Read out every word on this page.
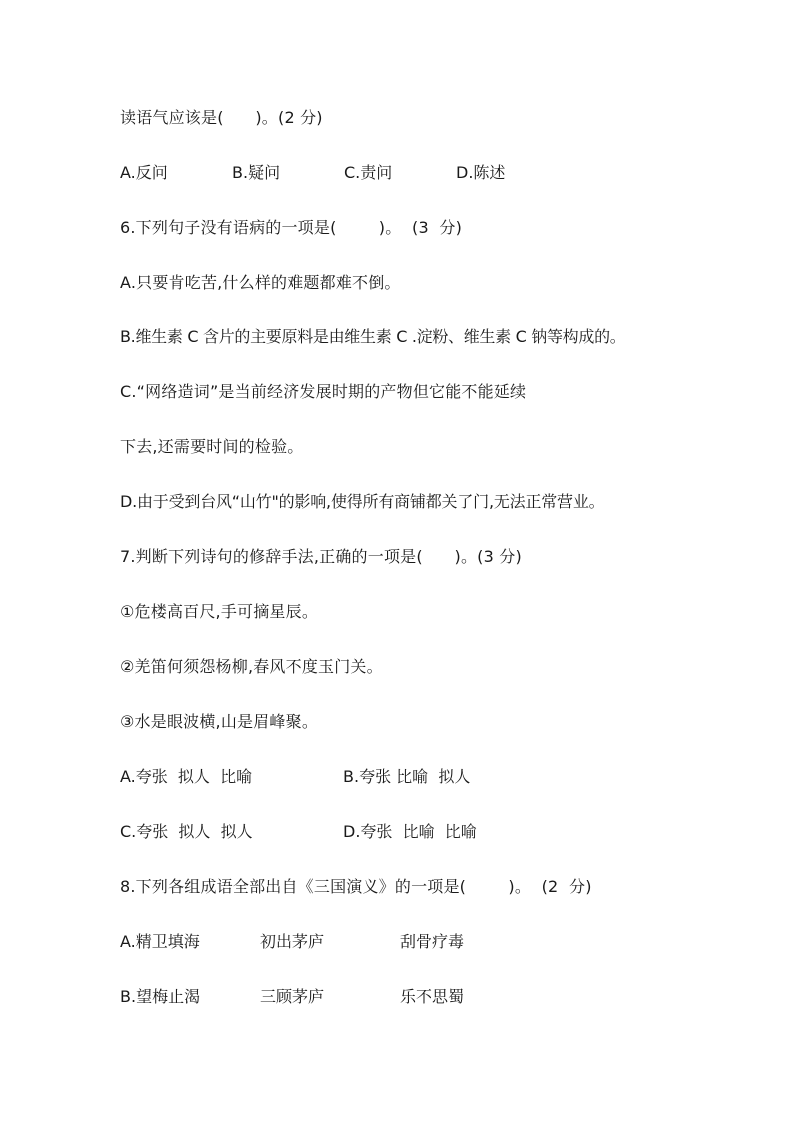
读语气应该是(      )。(2 分)

A.反问

	B.疑问

	C.责问

	D.陈述

6.下列句子没有语病的一项是(        )。  (3  分)
A.只要肯吃苦,什么样的难题都难不倒。
B.维生素 C 含片的主要原料是由维生素 C .淀粉、维生素 C 钠等构成的。
C.“网络造词”是当前经济发展时期的产物但它能不能延续
下去,还需要时间的检验。
D.由于受到台风“山竹"的影响,使得所有商铺都关了门,无法正常营业。
7.判断下列诗句的修辞手法,正确的一项是(      )。(3 分)
①危楼高百尺,手可摘星辰。
②羌笛何须怨杨柳,春风不度玉门关。
③水是眼波横,山是眉峰聚。

A.夸张  拟人  比喻

	B.夸张 比喻  拟人

C.夸张  拟人  拟人

	D.夸张  比喻  比喻

8.下列各组成语全部出自《三国演义》的一项是(        )。  (2  分)

A.精卫填海

	初出茅庐

	刮骨疗毒

B.望梅止渴

	三顾茅庐

	乐不思蜀
